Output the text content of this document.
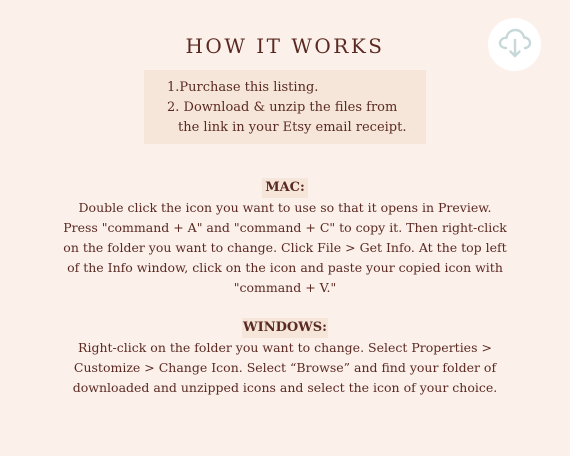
HOW IT WORKS
1.Purchase this listing.
2. Download & unzip the files from
the link in your Etsy email receipt.
MAC:

Double click the icon you want to use so that it opens in Preview. Press "command + A" and "command + C" to copy it. Then right-click on the folder you want to change. Click File > Get Info. At the top left of the Info window, click on the icon and paste your copied icon with "command + V."

WINDOWS:

Right-click on the folder you want to change. Select Properties > Customize > Change Icon. Select “Browse” and find your folder of downloaded and unzipped icons and select the icon of your choice.
